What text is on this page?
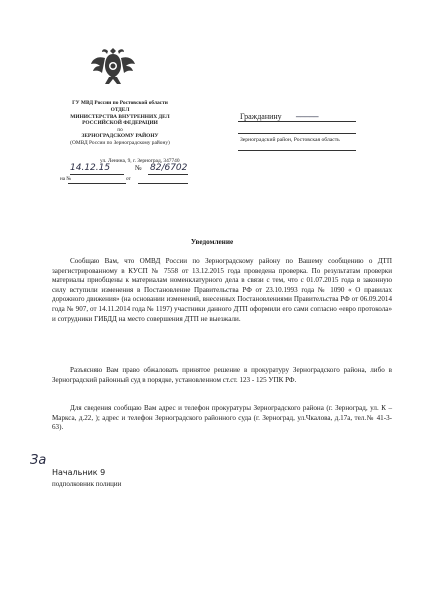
ГУ МВД России по Ростовской области
ОТДЕЛ
МИНИСТЕРСТВА ВНУТРЕННИХ ДЕЛ
РОССИЙСКОЙ ФЕДЕРАЦИИ
по
ЗЕРНОГРАДСКОМУ РАЙОНУ
(ОМВД России по Зерноградскому району)
ул. Ленина, 9, г. Зерноград, 347740
14.12.15	№ 82/6702
на №	от
Гражданину _____
Зерноградский район, Ростовская область
Уведомление
Сообщаю Вам, что ОМВД России по Зерноградскому району по Вашему сообщению о ДТП зарегистрированному в КУСП № 7558 от 13.12.2015 года проведена проверка. По результатам проверки материалы приобщены к материалам номенклатурного дела в связи с тем, что с 01.07.2015 года в законную силу вступили изменения в Постановление Правительства РФ от 23.10.1993 года № 1090 « О правилах дорожного движения» (на основании изменений, внесенных Постановлениями Правительства РФ от 06.09.2014 года № 907, от 14.11.2014 года № 1197) участники данного ДТП оформили его сами согласно «евро протокола» и сотрудники ГИБДД на место совершения ДТП не выезжали.
Разъясняю Вам право обжаловать принятое решение в прокуратуру Зерноградского района, либо в Зерноградский районный суд в порядке, установленном ст.ст. 123 - 125 УПК РФ.
Для сведения сообщаю Вам адрес и телефон прокуратуры Зерноградского района (г. Зерноград, ул. К – Маркса, д.22, ); адрес и телефон Зерноградского районного суда (г. Зерноград, ул.Чкалова, д.17а, тел.№ 41-3-63).
За
Начальник 9
подполковник полиции
